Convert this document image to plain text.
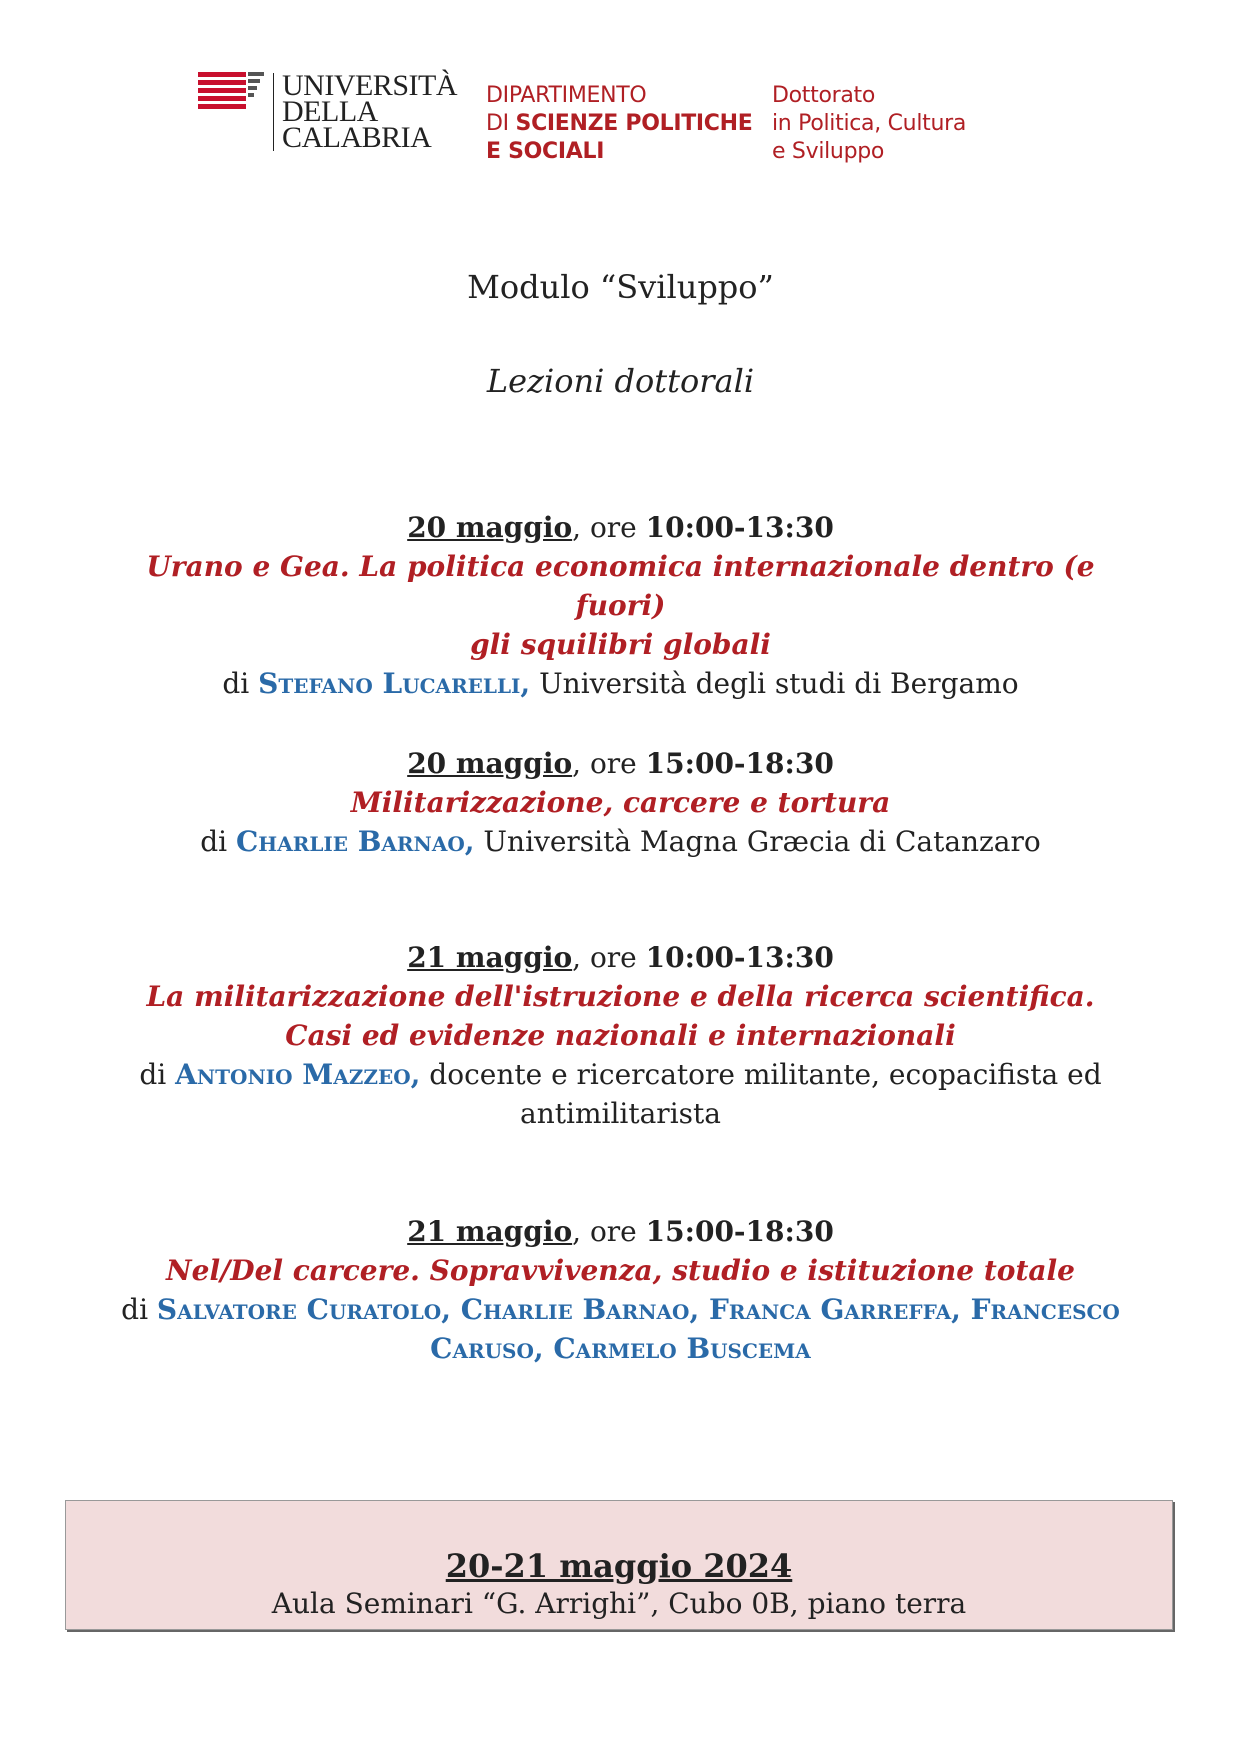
UNIVERSITÀ
DELLA
CALABRIA
DIPARTIMENTO
DI SCIENZE POLITICHE
E SOCIALI
Dottorato
in Politica, Cultura
e Sviluppo
Modulo “Sviluppo”
Lezioni dottorali
20 maggio, ore 10:00-13:30
Urano e Gea. La politica economica internazionale dentro (e fuori)
gli squilibri globali
di Stefano Lucarelli, Università degli studi di Bergamo
20 maggio, ore 15:00-18:30
Militarizzazione, carcere e tortura
di Charlie Barnao, Università Magna Græcia di Catanzaro
21 maggio, ore 10:00-13:30
La militarizzazione dell'istruzione e della ricerca scientifica.
Casi ed evidenze nazionali e internazionali
di Antonio Mazzeo, docente e ricercatore militante, ecopacifista ed antimilitarista
21 maggio, ore 15:00-18:30
Nel/Del carcere. Sopravvivenza, studio e istituzione totale
di Salvatore Curatolo, Charlie Barnao, Franca Garreffa, Francesco Caruso, Carmelo Buscema
20-21 maggio 2024
Aula Seminari “G. Arrighi”, Cubo 0B, piano terra
